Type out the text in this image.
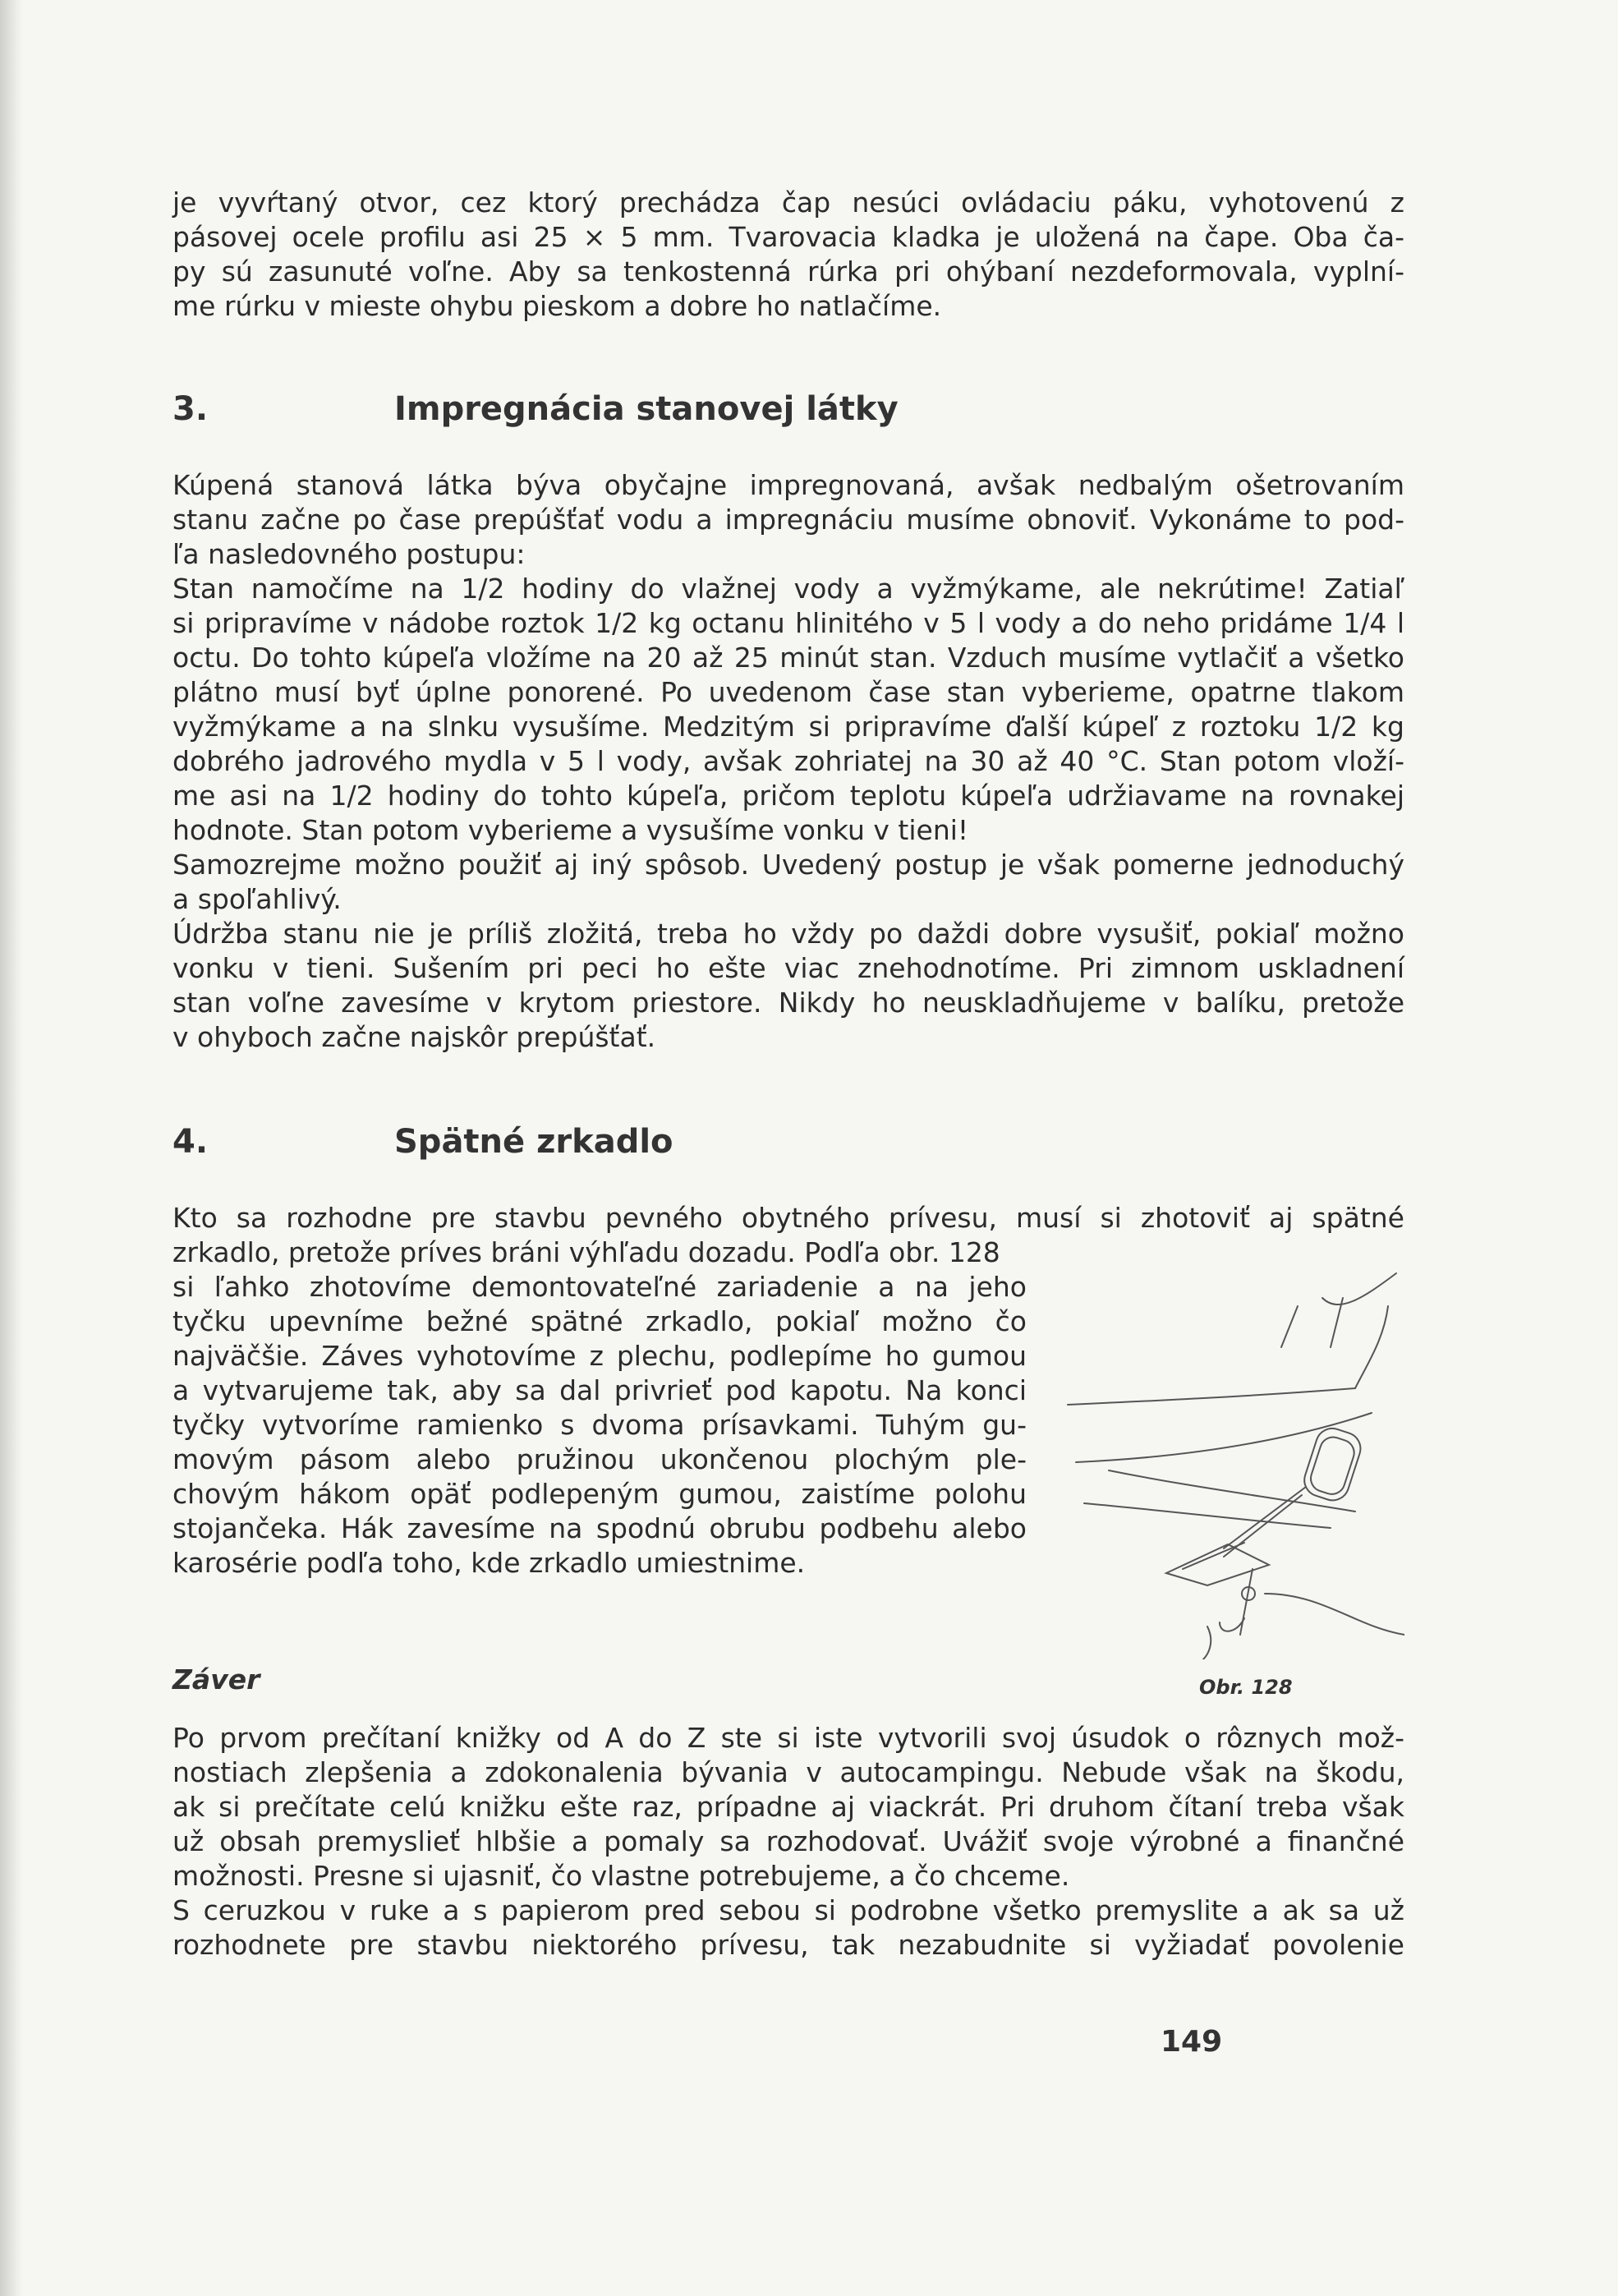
je vyvŕtaný otvor, cez ktorý prechádza čap nesúci ovládaciu páku, vyhotovenú z

pásovej ocele profilu asi 25 × 5 mm. Tvarovacia kladka je uložená na čape. Oba ča-

py sú zasunuté voľne. Aby sa tenkostenná rúrka pri ohýbaní nezdeformovala, vyplní-

me rúrku v mieste ohybu pieskom a dobre ho natlačíme.

3.	Impregnácia stanovej látky

Kúpená stanová látka býva obyčajne impregnovaná, avšak nedbalým ošetrovaním

stanu začne po čase prepúšťať vodu a impregnáciu musíme obnoviť. Vykonáme to pod-

ľa nasledovného postupu:

Stan namočíme na 1/2 hodiny do vlažnej vody a vyžmýkame, ale nekrútime! Zatiaľ

si pripravíme v nádobe roztok 1/2 kg octanu hlinitého v 5 l vody a do neho pridáme 1/4 l

octu. Do tohto kúpeľa vložíme na 20 až 25 minút stan. Vzduch musíme vytlačiť a všetko

plátno musí byť úplne ponorené. Po uvedenom čase stan vyberieme, opatrne tlakom

vyžmýkame a na slnku vysušíme. Medzitým si pripravíme ďalší kúpeľ z roztoku 1/2 kg

dobrého jadrového mydla v 5 l vody, avšak zohriatej na 30 až 40 °C. Stan potom vloží-

me asi na 1/2 hodiny do tohto kúpeľa, pričom teplotu kúpeľa udržiavame na rovnakej

hodnote. Stan potom vyberieme a vysušíme vonku v tieni!

Samozrejme možno použiť aj iný spôsob. Uvedený postup je však pomerne jednoduchý

a spoľahlivý.

Údržba stanu nie je príliš zložitá, treba ho vždy po daždi dobre vysušiť, pokiaľ možno

vonku v tieni. Sušením pri peci ho ešte viac znehodnotíme. Pri zimnom uskladnení

stan voľne zavesíme v krytom priestore. Nikdy ho neuskladňujeme v balíku, pretože

v ohyboch začne najskôr prepúšťať.

4.	Spätné zrkadlo

Kto sa rozhodne pre stavbu pevného obytného prívesu, musí si zhotoviť aj spätné

zrkadlo, pretože príves bráni výhľadu dozadu. Podľa obr. 128

si ľahko zhotovíme demontovateľné zariadenie a na jeho

tyčku upevníme bežné spätné zrkadlo, pokiaľ možno čo

najväčšie. Záves vyhotovíme z plechu, podlepíme ho gumou

a vytvarujeme tak, aby sa dal privrieť pod kapotu. Na konci

tyčky vytvoríme ramienko s dvoma prísavkami. Tuhým gu-

movým pásom alebo pružinou ukončenou plochým ple-

chovým hákom opäť podlepeným gumou, zaistíme polohu

stojančeka. Hák zavesíme na spodnú obrubu podbehu alebo

karosérie podľa toho, kde zrkadlo umiestnime.

Obr. 128
Záver

Po prvom prečítaní knižky od A do Z ste si iste vytvorili svoj úsudok o rôznych mož-

nostiach zlepšenia a zdokonalenia bývania v autocampingu. Nebude však na škodu,

ak si prečítate celú knižku ešte raz, prípadne aj viackrát. Pri druhom čítaní treba však

už obsah premyslieť hlbšie a pomaly sa rozhodovať. Uvážiť svoje výrobné a finančné

možnosti. Presne si ujasniť, čo vlastne potrebujeme, a čo chceme.

S ceruzkou v ruke a s papierom pred sebou si podrobne všetko premyslite a ak sa už

rozhodnete pre stavbu niektorého prívesu, tak nezabudnite si vyžiadať povolenie

149
